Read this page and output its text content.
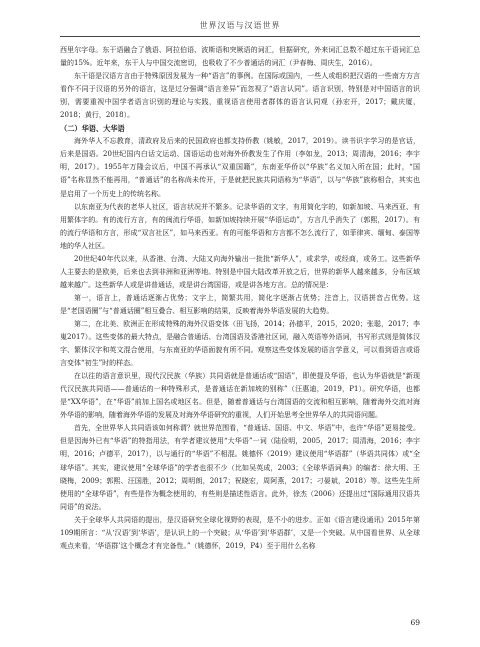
世界汉语与汉语世界

西里尔字母。东干语融合了俄语、阿拉伯语、波斯语和突厥语的词汇，但据研究，外来词汇总数不超过东干语词汇总量的15%。近年来，东干人与中国交流密切，也吸收了不少普通话的词汇（尹春梅、周庆生，2016）。

东干语是汉语方言由于特殊原因发展为一种“语言”的事例。在国际或国内，一些人或组织把汉语的一些南方方言看作不同于汉语的另外的语言，这是过分强调“语言差异”而忽视了“语言认同”。语言识别，特别是对中国语言的识别，需要重视中国学者语言识别的理论与实践，重视语言使用者群体的语言认同观（孙宏开，2017；戴庆厦，2018；黄行，2018）。

（二）华语、大华语

海外华人不忘教育，清政府及后来的民国政府也都支持侨教（姚敏，2017，2019）。读书识字学习的是官话，后来是国语。20世纪国内白话文运动、国语运动也对海外侨教发生了作用（李如龙，2013；周清海，2016；李宇明，2017）。1955年万隆会议后，中国不再承认“双重国籍”，东南亚华侨以“华族”名义加入所在国；此时，“国语”名称显然不能再用，“普通话”的名称尚未传开，于是就把民族共同语称为“华语”，以与“华族”族称相合，其实也是启用了一个历史上的传统名称。

以东南亚为代表的老华人社区，语言状况并不繁多。记录华语的文字，有用简化字的，如新加坡、马来西亚、有用繁体字的。有的流行方言，有的闽流行华语，如新加坡持续开展“华语运动”，方言几乎消失了（郭熙，2017）。有的流行华语和方言，形成“双言社区”，如马来西亚。有的可能华语和方言都不怎么流行了，如菲律宾、缅甸、泰国等地的华人社区。

20世纪40年代以来，从香港、台湾、大陆又向海外输出一批批“新华人”，或求学，或经商，或务工。这些新华人主要去的是欧美，后来也去到非洲和亚洲等地。特别是中国大陆改革开放之后，世界的新华人越来越多，分布区域越来越广。这些新华人或是讲普通话，或是讲台湾国语，或是讲各地方言。总的情况是：

第一，语言上，普通话逐渐占优势；文字上，简繁共用，简化字逐渐占优势；注音上，汉语拼音占优势。这是“老国语圈”与“普通话圈”相互叠合、相互影响的结果，反映着海外华语发展的大趋势。

第二，在北美、欧洲正在形成特殊的海外汉语变体（田飞扬，2014；孙德平，2015，2020；张聪，2017；李嵬2017）。这些变体的最大特点，是融合普通话、台湾国语及香港社区词，融入英语等外语词，书写形式则是简体汉字、繁体汉字和英文混合使用，与东南亚的华语面貌有所不同。观察这些变体发展的语言学意义，可以看到语言或语言变体“初生”时的样态。

在以往的语言意识里，现代汉民族（华族）共同语就是普通话或“国语”，即使提及华语，也认为华语就是“新现代汉民族共同语——普通话的一种特殊形式，是普通话在新加坡的别称”（汪惠迪，2019，P1）。研究华语，也都是“XX华语”，在“华语”前加上国名或地区名。但是，随着普通话与台湾国语的交流和相互影响，随着海外交流对海外华语的影响，随着海外华语的发展及对海外华语研究的重视，人们开始思考全世界华人的共同语问题。

首先，全世界华人共同语该如何称谓？就世界范围看，“普通话、国语、中文、华语”中，也许“华语”更易接受。但是因海外已有“华语”的特指用法，有学者建议使用“大华语”一词（陆俭明，2005，2017；周清海，2016；李宇明，2016；卢德平，2017），以与通行的“华语”不相混。姚德怀（2019）建议使用“华语群”（华语共同体）或“全球华语”。其实，建议使用“全球华语”的学者也很不少（比如吴英成，2003；《全球华语词典》的编者：徐大明、王晓梅，2009；郭熙、汪国胜，2012；周明朗，2017；祝晓宏，周阿燕，2017；刁晏斌，2018）等。这些先生所使用的“全球华语”，有些是作为概念使用的，有些则是描述性语言。此外，徐杰（2006）还提出过“国际通用汉语共同语”的说法。

关于全球华人共同语的提出，是汉语研究全球化视野的表现，是不小的进步。正如《语言建设通讯》2015年第109期所言：“从‘汉语’到‘华语’，是认识上的一个突破；从‘华语’到‘华语群’，又是一个突破。从中国看世界、从全球观点来看，‘华语群’这个概念才有完备性。”（姚德怀，2019，P4）至于用什么名称

69
